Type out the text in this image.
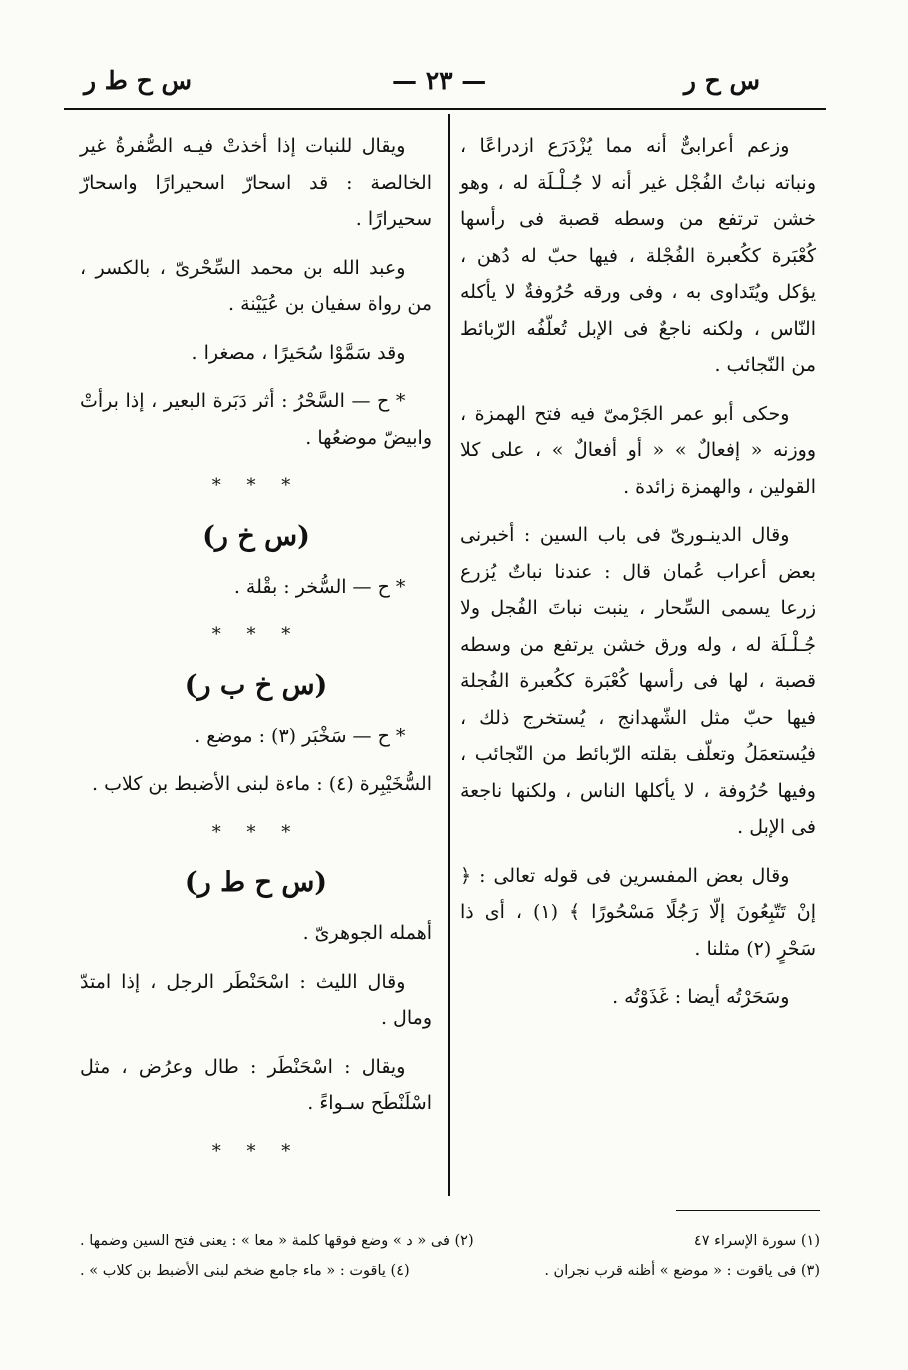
س ح ر
— ٢٣ —
س ح ط ر

وزعم أعرابىٌّ أنه مما يُزْدَرَع ازدراعًا ، ونباته نباتُ الفُجْل غير أنه لا جُـلْـلَة له ، وهو خشن ترتفع من وسطه قصبة فى رأسها كُعْبَرة ككُعبرة الفُجْلة ، فيها حبّ له دُهن ، يؤكل ويُتَداوى به ، وفى ورقه حُرُوفةٌ لا يأكله النّاس ، ولكنه ناجعٌ فى الإبل تُعلّفُه الرّبائط من النّجائب .

وحكى أبو عمر الجَرْمىّ فيه فتح الهمزة ، ووزنه « إفعالٌ » « أو أفعالٌ » ، على كلا القولين ، والهمزة زائدة .

وقال الدينـورىّ فى باب السين : أخبرنى بعض أعراب عُمان قال : عندنا نباتٌ يُزرع زرعا يسمى السِّحار ، ينبت نباتَ الفُجل ولا جُـلْـلَة له ، وله ورق خشن يرتفع من وسطه قصبة ، لها فى رأسها كُعْبَرة ككُعبرة الفُجلة فيها حبّ مثل الشّهدانج ، يُستخرج ذلك ، فيُستعمَلُ وتعلّف بقلته الرّبائط من النّجائب ، وفيها حُرُوفة ، لا يأكلها الناس ، ولكنها ناجعة فى الإبل .

وقال بعض المفسرين فى قوله تعالى : ﴿ إنْ تَتّبِعُونَ إلّا رَجُلًا مَسْحُورًا ﴾ (١) ، أى ذا سَحْرٍ (٢) مثلنا .

وسَحَرْتُه أيضا : غَذَوْتُه .

ويقال للنبات إذا أخذتْ فيـه الصُّفرةُ غير الخالصة : قد اسحارّ اسحيرارًا واسحارّ سحيرارًا .

وعبد الله بن محمد السِّحْرىّ ، بالكسر ، من رواة سفيان بن عُيَيْنة .

وقد سَمَّوْا سُحَيرًا ، مصغرا .

* ح — السَّحْرُ : أثر دَبَرة البعير ، إذا برأتْ وابيضّ موضعُها .

* * *

(س خ ر)

* ح — السُّخر : بقْلة .

* * *

(س خ ب ر)

* ح — سَخْبَر (٣) : موضع .

السُّخَيْبِرة (٤) : ماءة لبنى الأضبط بن كلاب .

* * *

(س ح ط ر)

أهمله الجوهرىّ .

وقال الليث : اسْحَنْطَر الرجل ، إذا امتدّ ومال .

ويقال : اسْحَنْطَر : طال وعرُض ، مثل اسْلَنْطَح سـواءً .

* * *

(١) سورة الإسراء ٤٧
(٢) فى « د » وضع فوقها كلمة « معا » : يعنى فتح السين وضمها .
(٣) فى ياقوت : « موضع » أظنه قرب نجران .
(٤) ياقوت : « ماء جامع ضخم لبنى الأضبط بن كلاب » .
